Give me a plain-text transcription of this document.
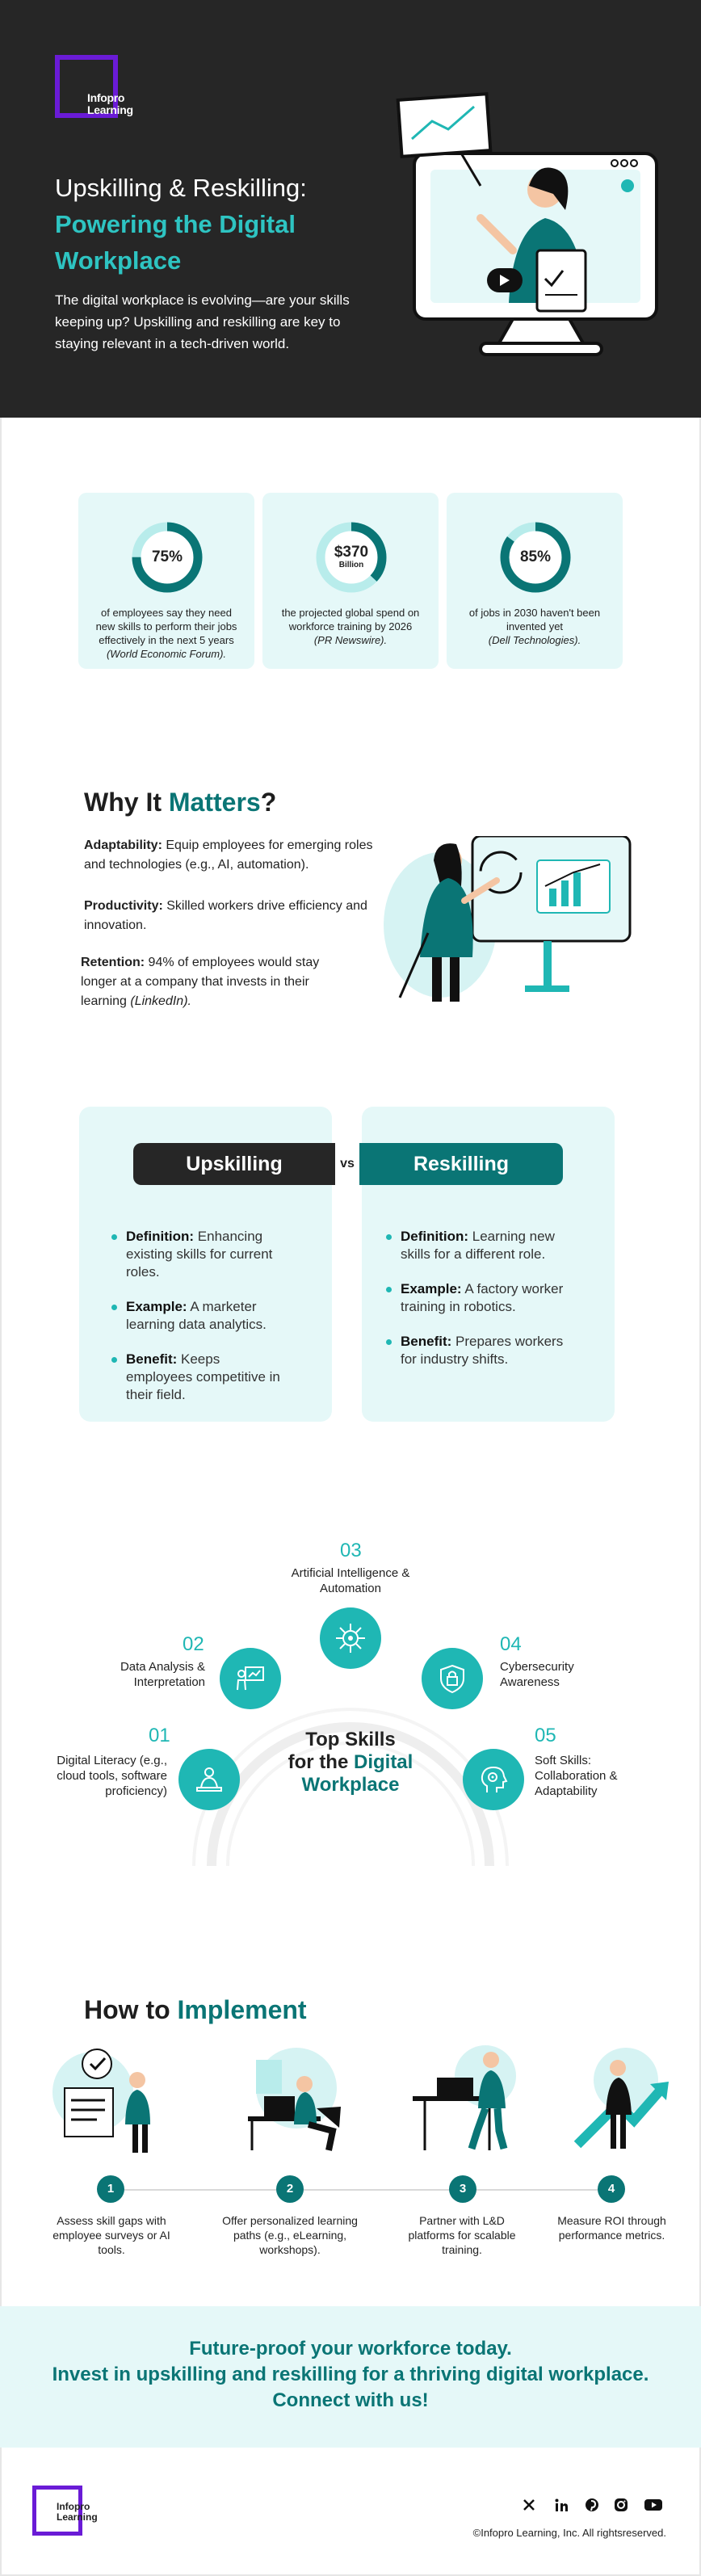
Infopro
Learning
Upskilling & Reskilling:
Powering the Digital Workplace
The digital workplace is evolving—are your skills keeping up? Upskilling and reskilling are key to staying relevant in a tech-driven world.
75%
of employees say they need new skills to perform their jobs effectively in the next 5 years
(World Economic Forum).
$370
Billion
the projected global spend on workforce training by 2026
(PR Newswire).
85%
of jobs in 2030 haven't been invented yet
(Dell Technologies).
Why It Matters?

Adaptability: Equip employees for emerging roles and technologies (e.g., AI, automation).

Productivity: Skilled workers drive efficiency and innovation.

Retention: 94% of employees would stay longer at a company that invests in their learning (LinkedIn).

Upskilling	vs	Reskilling
Definition: Enhancing existing skills for current roles.
Example: A marketer learning data analytics.
Benefit: Keeps employees competitive in their field.
Definition: Learning new skills for a different role.
Example: A factory worker training in robotics.
Benefit: Prepares workers for industry shifts.
01
Digital Literacy (e.g., cloud tools, software proficiency)
02
Data Analysis & Interpretation
03
Artificial Intelligence & Automation
04
Cybersecurity Awareness
05
Soft Skills: Collaboration & Adaptability
Top Skills
for the Digital
Workplace
How to Implement
1	2	3	4
Assess skill gaps with employee surveys or AI tools.
Offer personalized learning paths (e.g., eLearning, workshops).
Partner with L&D platforms for scalable training.
Measure ROI through performance metrics.

Future-proof your workforce today.

Invest in upskilling and reskilling for a thriving digital workplace.

Connect with us!

Infopro
Learning
©Infopro Learning, Inc. All rightsreserved.
